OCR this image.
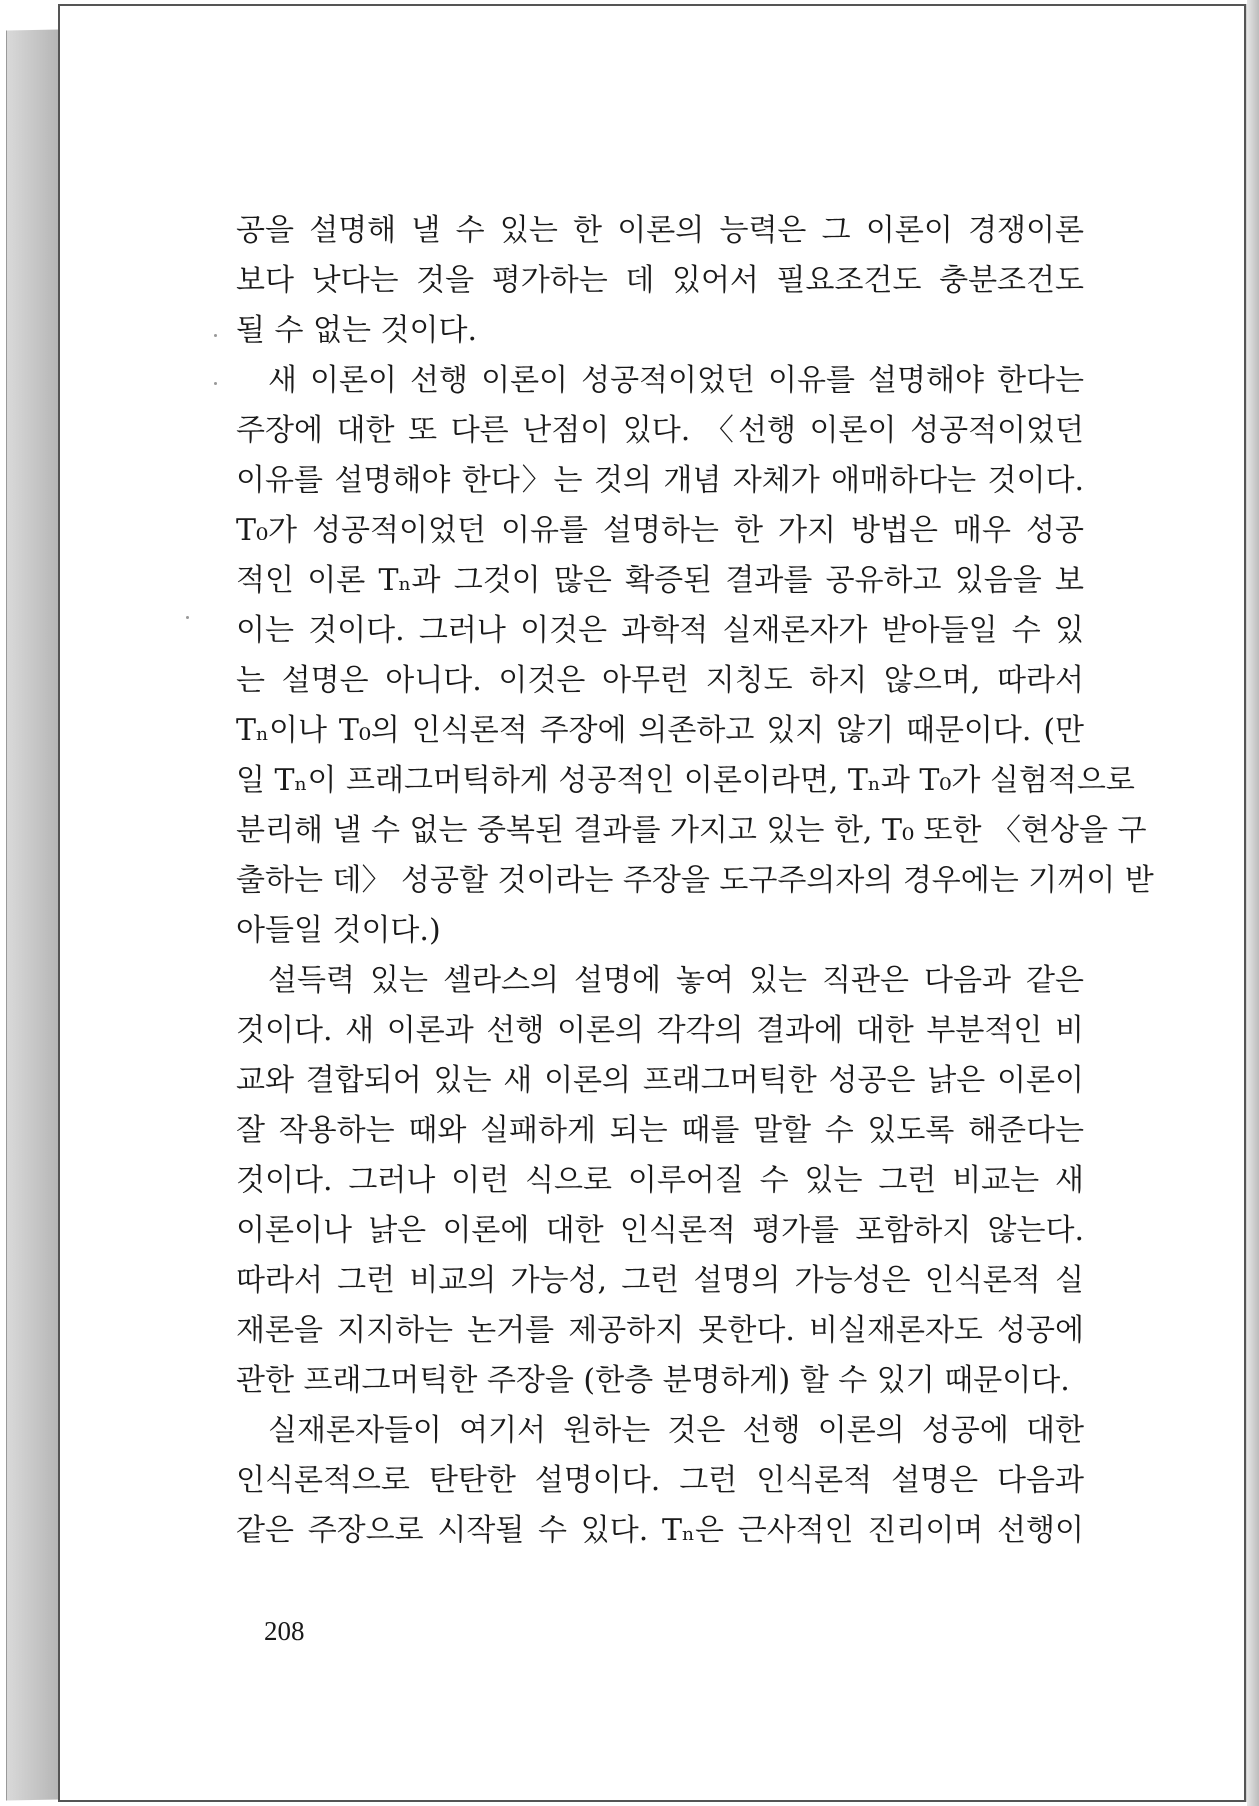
공을 설명해 낼 수 있는 한 이론의 능력은 그 이론이 경쟁이론
보다 낫다는 것을 평가하는 데 있어서 필요조건도 충분조건도
될 수 없는 것이다.
새 이론이 선행 이론이 성공적이었던 이유를 설명해야 한다는
주장에 대한 또 다른 난점이 있다. 〈선행 이론이 성공적이었던
이유를 설명해야 한다〉는 것의 개념 자체가 애매하다는 것이다.
T₀가 성공적이었던 이유를 설명하는 한 가지 방법은 매우 성공
적인 이론 Tₙ과 그것이 많은 확증된 결과를 공유하고 있음을 보
이는 것이다. 그러나 이것은 과학적 실재론자가 받아들일 수 있
는 설명은 아니다. 이것은 아무런 지칭도 하지 않으며, 따라서
Tₙ이나 T₀의 인식론적 주장에 의존하고 있지 않기 때문이다. (만
일 Tₙ이 프래그머틱하게 성공적인 이론이라면, Tₙ과 T₀가 실험적으로
분리해 낼 수 없는 중복된 결과를 가지고 있는 한, T₀ 또한 〈현상을 구
출하는 데〉 성공할 것이라는 주장을 도구주의자의 경우에는 기꺼이 받
아들일 것이다.)
설득력 있는 셀라스의 설명에 놓여 있는 직관은 다음과 같은
것이다. 새 이론과 선행 이론의 각각의 결과에 대한 부분적인 비
교와 결합되어 있는 새 이론의 프래그머틱한 성공은 낡은 이론이
잘 작용하는 때와 실패하게 되는 때를 말할 수 있도록 해준다는
것이다. 그러나 이런 식으로 이루어질 수 있는 그런 비교는 새
이론이나 낡은 이론에 대한 인식론적 평가를 포함하지 않는다.
따라서 그런 비교의 가능성, 그런 설명의 가능성은 인식론적 실
재론을 지지하는 논거를 제공하지 못한다. 비실재론자도 성공에
관한 프래그머틱한 주장을 (한층 분명하게) 할 수 있기 때문이다.
실재론자들이 여기서 원하는 것은 선행 이론의 성공에 대한
인식론적으로 탄탄한 설명이다. 그런 인식론적 설명은 다음과
같은 주장으로 시작될 수 있다. Tₙ은 근사적인 진리이며 선행이
208
